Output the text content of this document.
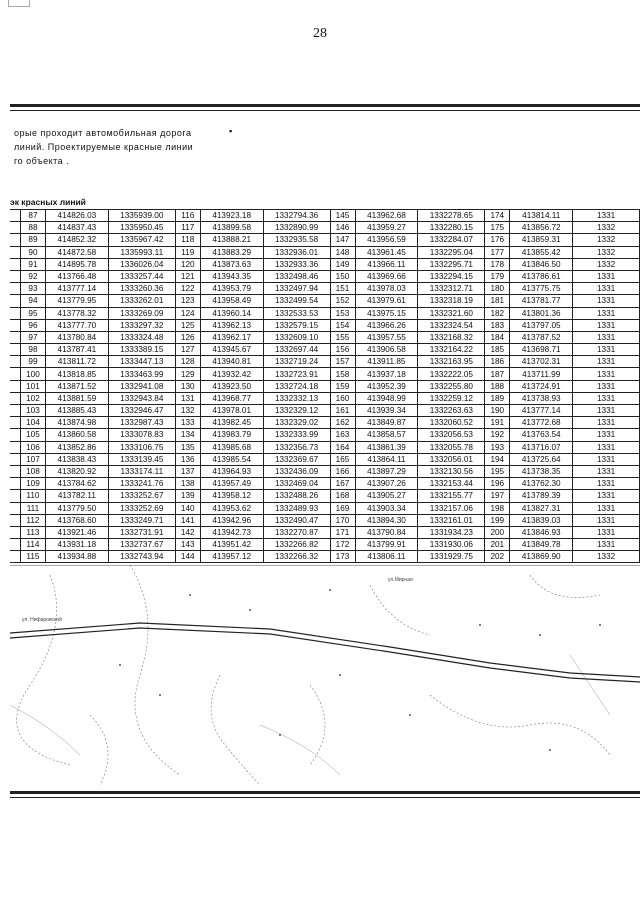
28
орые проходит автомобильная дорога
линий. Проектируемые красные линии
го объекта .
▪
эк красных линий
	87	414826.03	1335939.00	116	413923.18	1332794.36	145	413962.68	1332278.65	174	413814.11	1331
	88	414837.43	1335950.45	117	413899.58	1332890.99	146	413959.27	1332280.15	175	413856.72	1332
	89	414852.32	1335967.42	118	413888.21	1332935.58	147	413956.59	1332284.07	176	413859.31	1332
	90	414872.58	1335993.11	119	413883.29	1332936.01	148	413961.45	1332295.04	177	413855.42	1332
	91	414895.78	1336026.04	120	413873.63	1332933.36	149	413966.11	1332295.71	178	413846.50	1332
	92	413766.48	1333257.44	121	413943.35	1332498.46	150	413969.66	1332294.15	179	413786.61	1331
	93	413777.14	1333260.36	122	413953.79	1332497.94	151	413978.03	1332312.71	180	413775.75	1331
	94	413779.95	1333262.01	123	413958.49	1332499.54	152	413979.61	1332318.19	181	413781.77	1331
	95	413778.32	1333269.09	124	413960.14	1332533.53	153	413975.15	1332321.60	182	413801.36	1331
	96	413777.70	1333297.32	125	413962.13	1332579.15	154	413966.26	1332324.54	183	413797.05	1331
	97	413780.84	1333324.48	126	413962.17	1332609.10	155	413957.55	1332168.32	184	413787.52	1331
	98	413787.41	1333389.15	127	413945.67	1332697.44	156	413906.58	1332164.22	185	413698.71	1331
	99	413811.72	1333447.13	128	413940.81	1332719.24	157	413911.85	1332163.95	186	413702.31	1331
	100	413818.85	1333463.99	129	413932.42	1332723.91	158	413937.18	1332222.05	187	413711.99	1331
	101	413871.52	1332941.08	130	413923.50	1332724.18	159	413952.39	1332255.80	188	413724.91	1331
	102	413881.59	1332943.84	131	413968.77	1332332.13	160	413948.99	1332259.12	189	413738.93	1331
	103	413885.43	1332946.47	132	413978.01	1332329.12	161	413939.34	1332263.63	190	413777.14	1331
	104	413874.98	1332987.43	133	413982.45	1332329.02	162	413849.87	1332060.52	191	413772.68	1331
	105	413860.58	1333078.83	134	413983.79	1332333.99	163	413858.57	1332056.53	192	413763.54	1331
	106	413852.86	1333106.75	135	413985.68	1332356.73	164	413861.39	1332055.78	193	413716.07	1331
	107	413838.43	1333139.45	136	413985.54	1332369.67	165	413864.11	1332056.01	194	413725.64	1331
	108	413820.92	1333174.11	137	413964.93	1332436.09	166	413897.29	1332130.56	195	413738.35	1331
	109	413784.62	1333241.76	138	413957.49	1332469.04	167	413907.26	1332153.44	196	413762.30	1331
	110	413782.11	1333252.67	139	413958.12	1332488.26	168	413905.27	1332155.77	197	413789.39	1331
	111	413779.50	1333252.69	140	413953.62	1332489.93	169	413903.34	1332157.06	198	413827.31	1331
	112	413768.60	1333249.71	141	413942.96	1332490.47	170	413894.30	1332161.01	199	413839.03	1331
	113	413921.46	1332731.91	142	413942.73	1332270.87	171	413790.84	1331934.23	200	413846.93	1331
	114	413931.18	1332737.67	143	413951.42	1332266.82	172	413799.91	1331930.06	201	413849.78	1331
	115	413934.88	1332743.94	144	413957.12	1332266.32	173	413806.11	1331929.75	202	413869.90	1332
ул. Нифаровской
ул.Мирная
